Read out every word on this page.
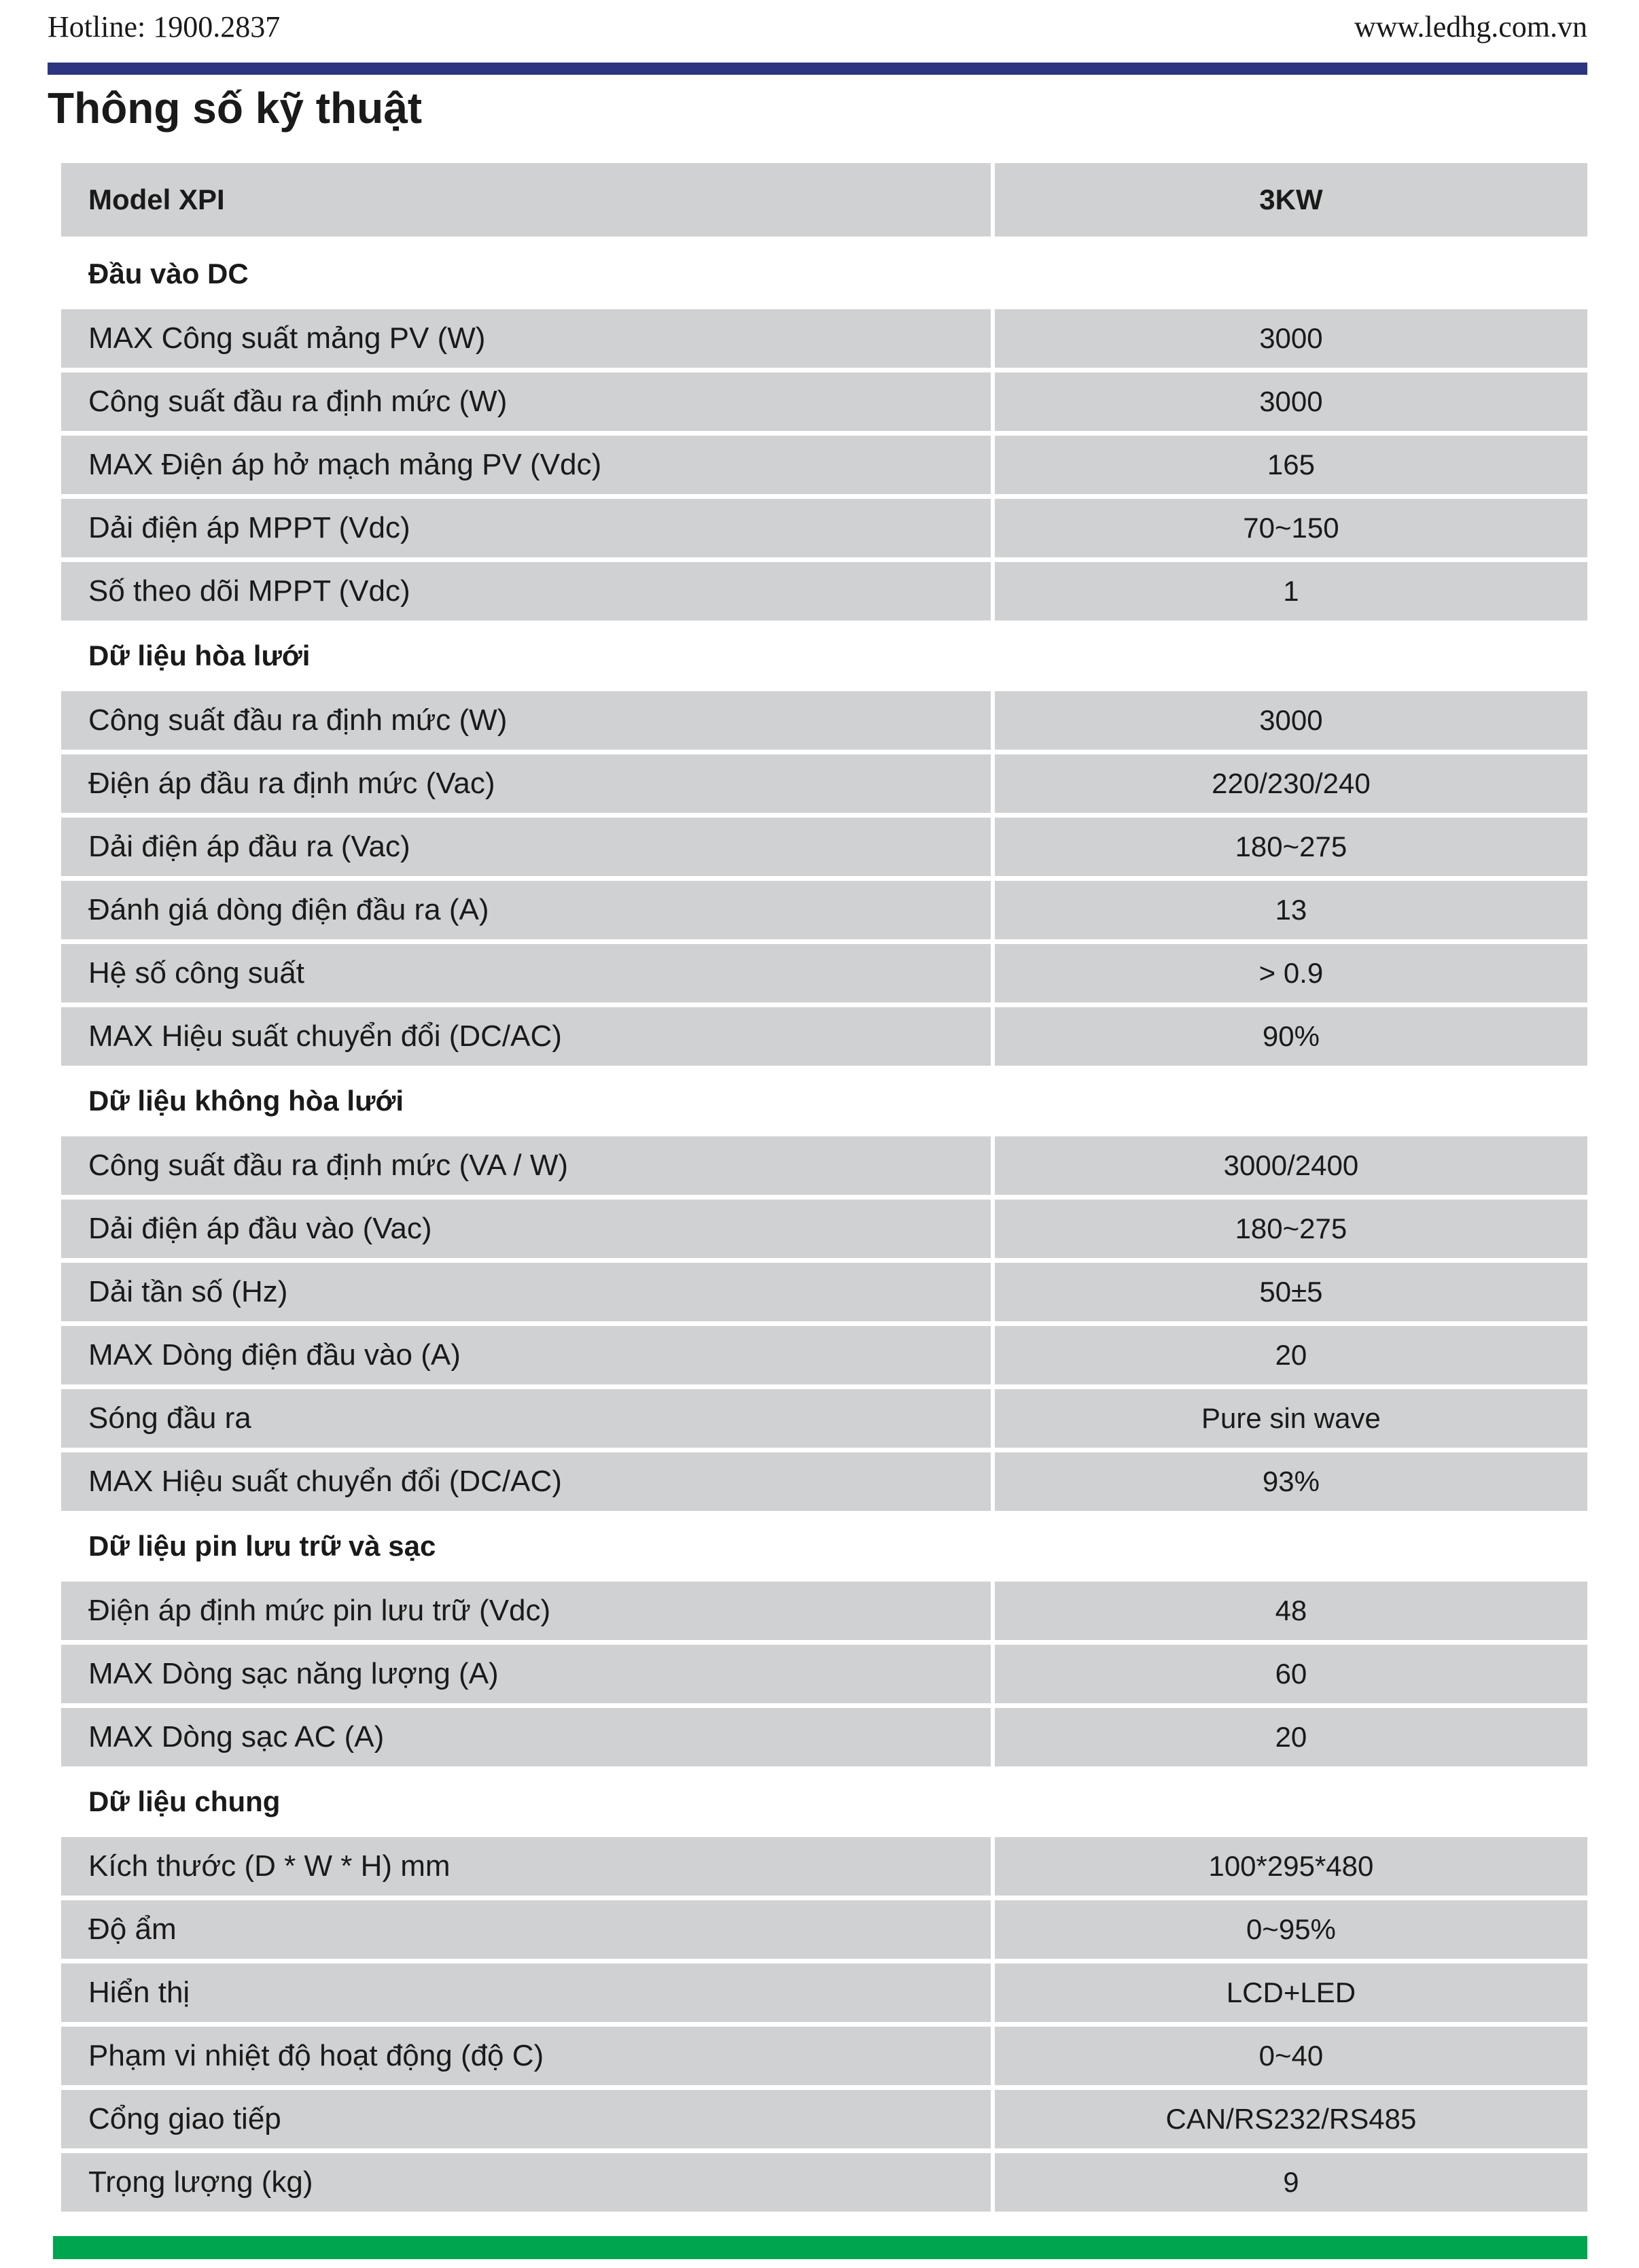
Hotline: 1900.2837	www.ledhg.com.vn
Thông số kỹ thuật
Model XPI	3KW
Đầu vào DC
MAX Công suất mảng PV (W)	3000
Công suất đầu ra định mức (W)	3000
MAX Điện áp hở mạch mảng PV (Vdc)	165
Dải điện áp MPPT (Vdc)	70~150
Số theo dõi MPPT (Vdc)	1
Dữ liệu hòa lưới
Công suất đầu ra định mức (W)	3000
Điện áp đầu ra định mức (Vac)	220/230/240
Dải điện áp đầu ra (Vac)	180~275
Đánh giá dòng điện đầu ra (A)	13
Hệ số công suất	> 0.9
MAX Hiệu suất chuyển đổi (DC/AC)	90%
Dữ liệu không hòa lưới
Công suất đầu ra định mức (VA / W)	3000/2400
Dải điện áp đầu vào (Vac)	180~275
Dải tần số (Hz)	50±5
MAX Dòng điện đầu vào (A)	20
Sóng đầu ra	Pure sin wave
MAX Hiệu suất chuyển đổi (DC/AC)	93%
Dữ liệu pin lưu trữ và sạc
Điện áp định mức pin lưu trữ (Vdc)	48
MAX Dòng sạc năng lượng (A)	60
MAX Dòng sạc AC (A)	20
Dữ liệu chung
Kích thước (D * W * H) mm	100*295*480
Độ ẩm	0~95%
Hiển thị	LCD+LED
Phạm vi nhiệt độ hoạt động (độ C)	0~40
Cổng giao tiếp	CAN/RS232/RS485
Trọng lượng (kg)	9
